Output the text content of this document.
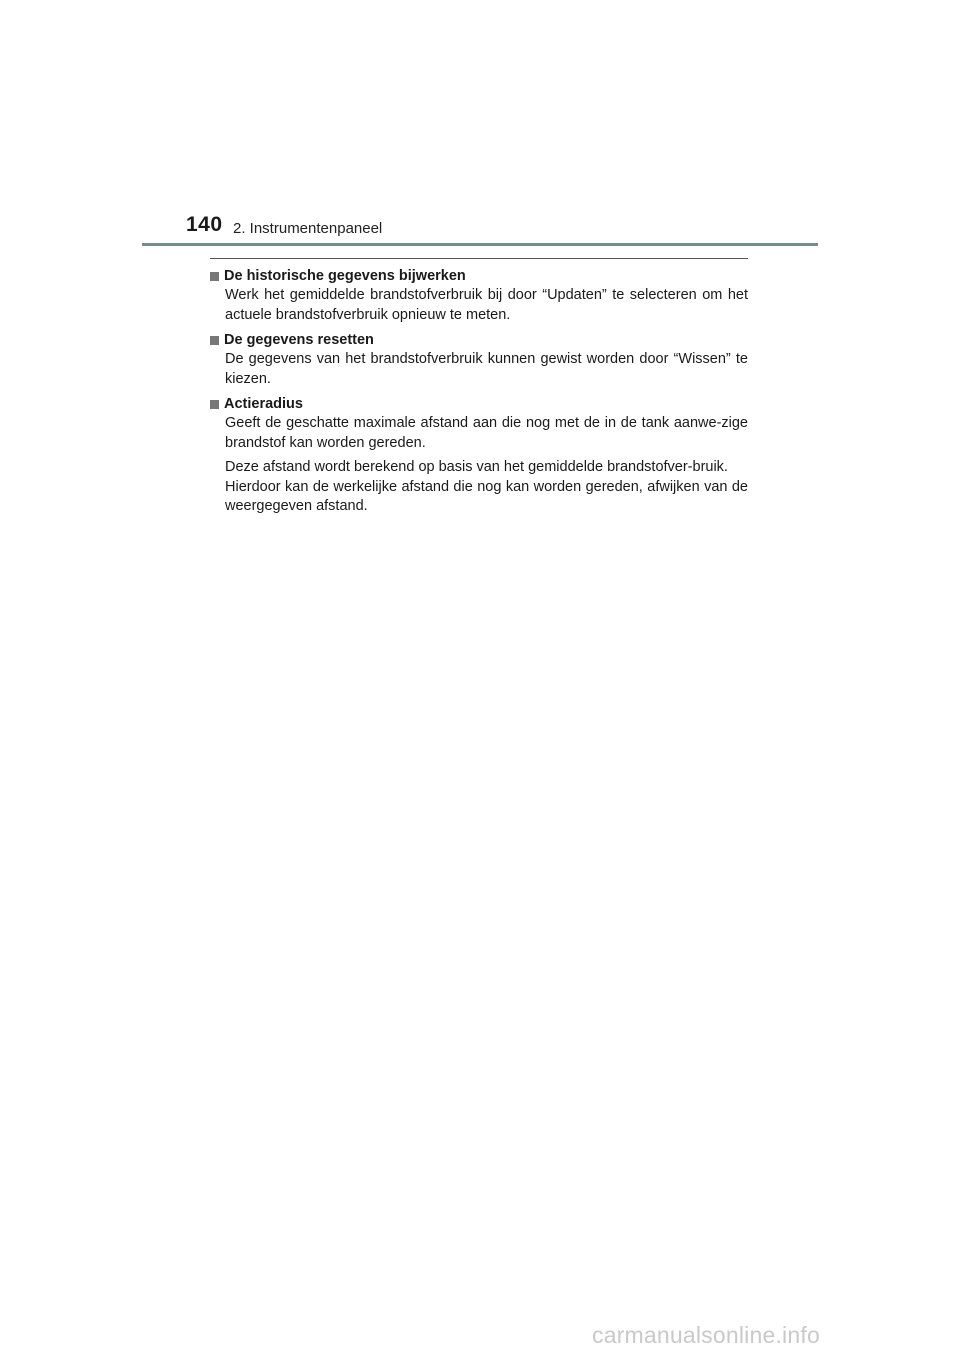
140 2. Instrumentenpaneel
De historische gegevens bijwerken

Werk het gemiddelde brandstofverbruik bij door “Updaten” te selecteren om het actuele brandstofverbruik opnieuw te meten.

De gegevens resetten

De gegevens van het brandstofverbruik kunnen gewist worden door “Wissen” te kiezen.

Actieradius

Geeft de geschatte maximale afstand aan die nog met de in de tank aanwe-zige brandstof kan worden gereden.

Deze afstand wordt berekend op basis van het gemiddelde brandstofver-bruik.

Hierdoor kan de werkelijke afstand die nog kan worden gereden, afwijken van de weergegeven afstand.

carmanualsonline.info
